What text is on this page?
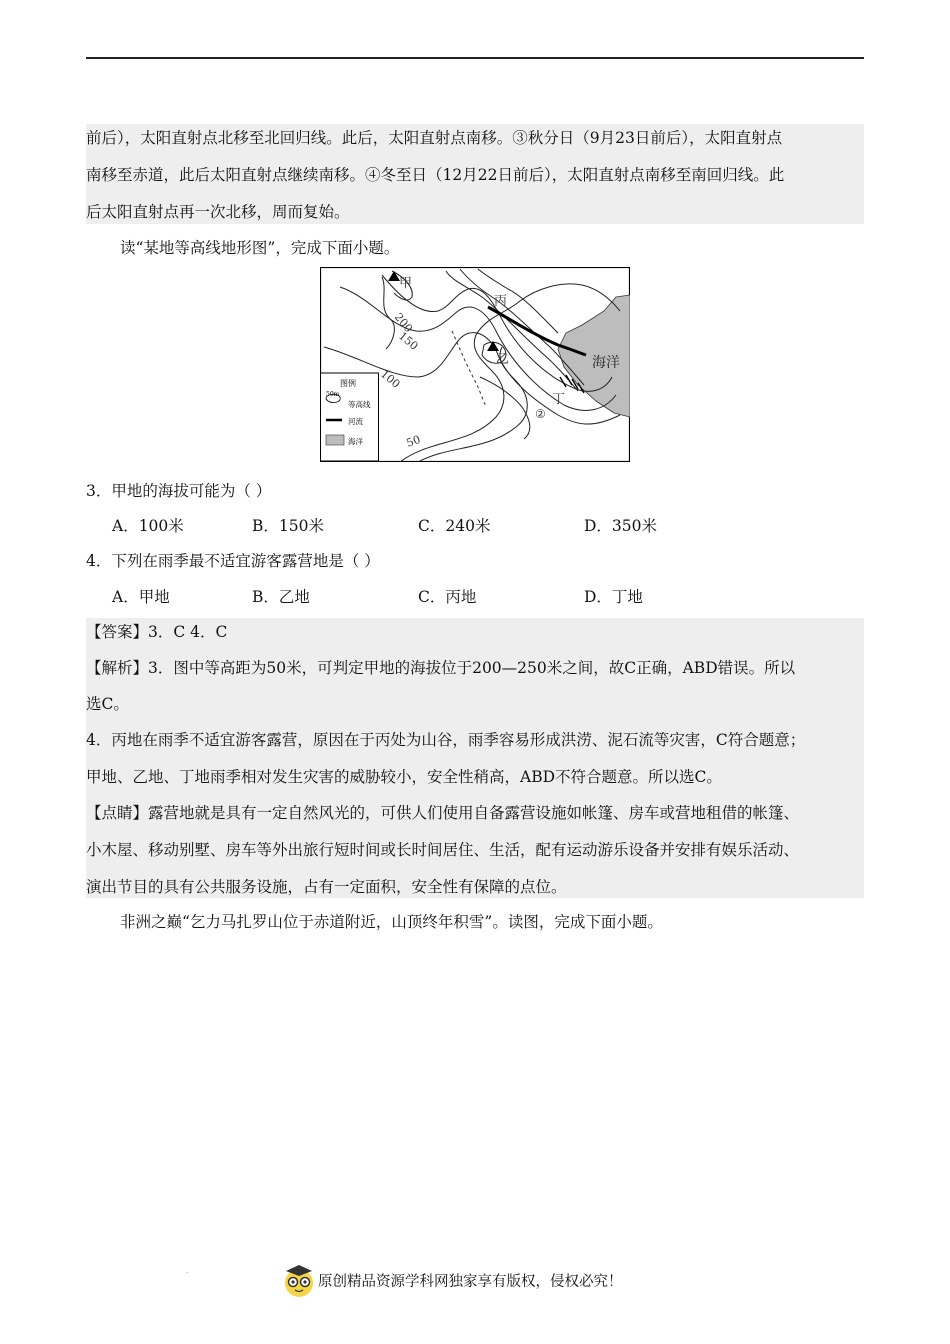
前后），太阳直射点北移至北回归线。此后，太阳直射点南移。③秋分日（9月23日前后），太阳直射点
南移至赤道，此后太阳直射点继续南移。④冬至日（12月22日前后），太阳直射点南移至南回归线。此
后太阳直射点再一次北移，周而复始。
读“某地等高线地形图”，完成下面小题。
甲
乙
丙
丁
②
200
150
100
50
海洋
图例
50m
等高线
河流
海洋
3．甲地的海拔可能为（ ）
A．100米	B．150米	C．240米	D．350米
4．下列在雨季最不适宜游客露营地是（ ）
A．甲地	B．乙地	C．丙地	D．丁地
【答案】3．C 4．C
【解析】3．图中等高距为50米，可判定甲地的海拔位于200—250米之间，故C正确，ABD错误。所以
选C。
4．丙地在雨季不适宜游客露营，原因在于丙处为山谷，雨季容易形成洪涝、泥石流等灾害，C符合题意；
甲地、乙地、丁地雨季相对发生灾害的威胁较小，安全性稍高，ABD不符合题意。所以选C。
【点睛】露营地就是具有一定自然风光的，可供人们使用自备露营设施如帐篷、房车或营地租借的帐篷、
小木屋、移动别墅、房车等外出旅行短时间或长时间居住、生活，配有运动游乐设备并安排有娱乐活动、
演出节目的具有公共服务设施，占有一定面积，安全性有保障的点位。
非洲之巅“乞力马扎罗山位于赤道附近，山顶终年积雪”。读图，完成下面小题。
.
原创精品资源学科网独家享有版权，侵权必究！
